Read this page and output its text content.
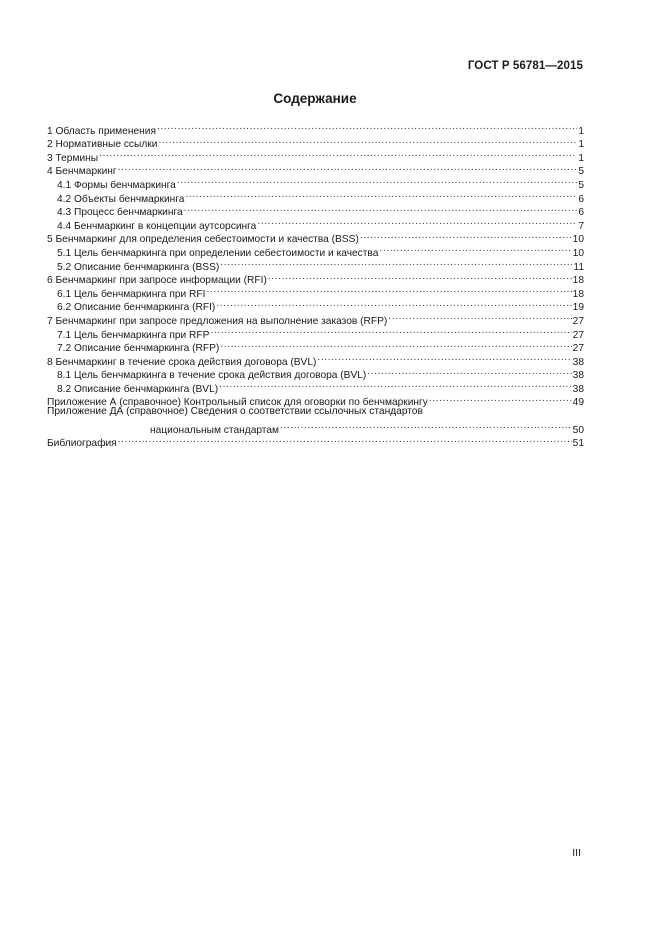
ГОСТ Р 56781—2015
Содержание
1 Область применения .....	1
2 Нормативные ссылки .....	1
3 Термины .....	1
4 Бенчмаркинг .....	5
4.1 Формы бенчмаркинга .....	5
4.2 Объекты бенчмаркинга .....	6
4.3 Процесс бенчмаркинга .....	6
4.4 Бенчмаркинг в концепции аутсорсинга .....	7
5 Бенчмаркинг для определения себестоимости и качества (BSS) .....	10
5.1 Цель бенчмаркинга при определении себестоимости и качества .....	10
5.2 Описание бенчмаркинга (BSS) .....	11
6 Бенчмаркинг при запросе информации (RFI) .....	18
6.1 Цель бенчмаркинга при RFI .....	18
6.2 Описание бенчмаркинга (RFI) .....	19
7 Бенчмаркинг при запросе предложения на выполнение заказов (RFP) .....	27
7.1 Цель бенчмаркинга при RFP .....	27
7.2 Описание бенчмаркинга (RFP) .....	27
8 Бенчмаркинг в течение срока действия договора (BVL) .....	38
8.1 Цель бенчмаркинга в течение срока действия договора (BVL) .....	38
8.2 Описание бенчмаркинга (BVL) .....	38
Приложение А (справочное) Контрольный список для оговорки по бенчмаркингу .....	49
Приложение ДА (справочное) Сведения о соответствии ссылочных стандартов
национальным стандартам .....	50
Библиография .....	51
III
